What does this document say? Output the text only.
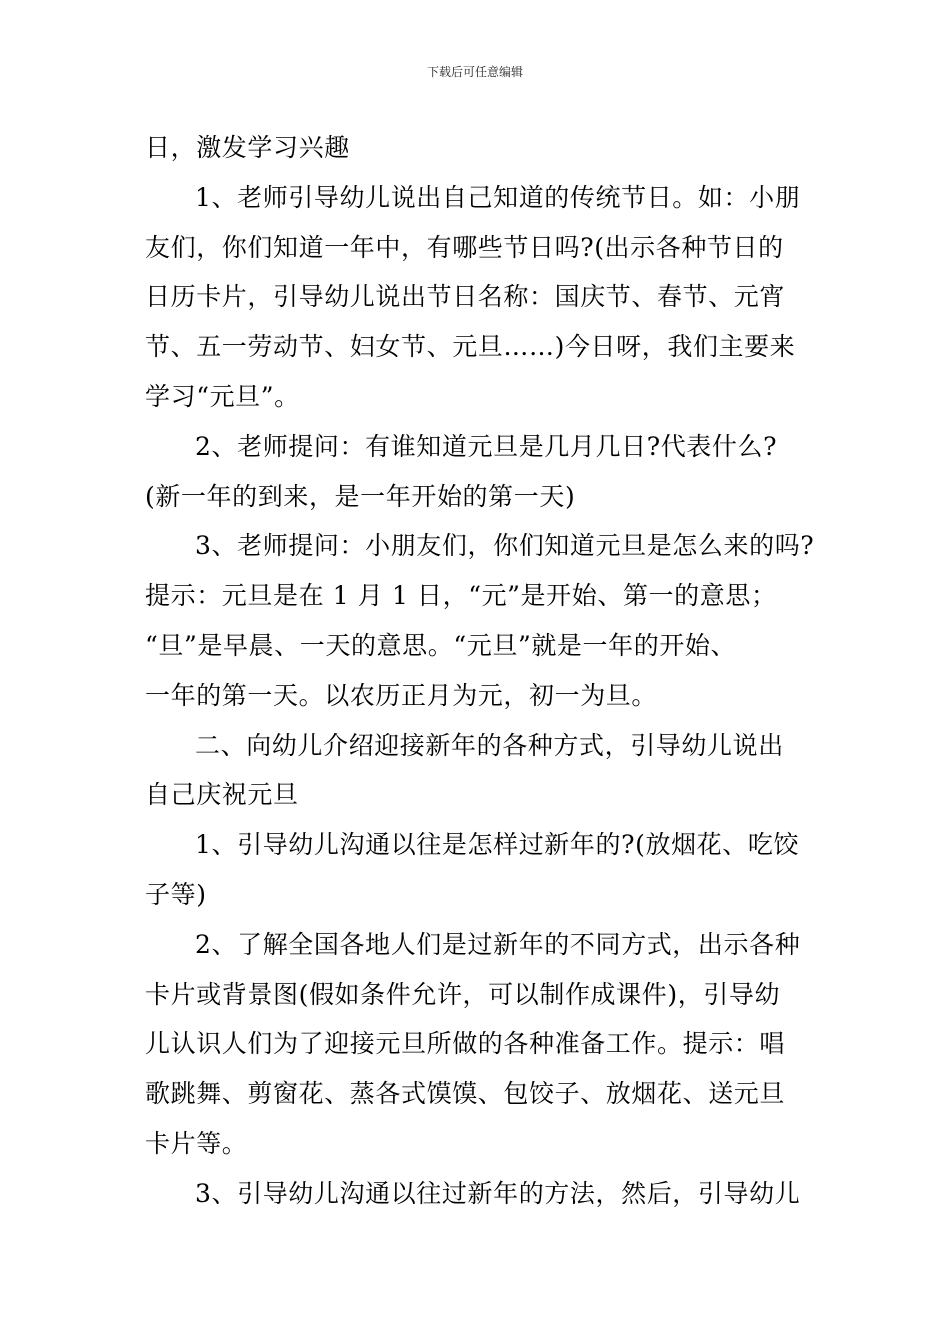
下载后可任意编辑
日，激发学习兴趣
1、老师引导幼儿说出自己知道的传统节日。如：小朋
友们，你们知道一年中，有哪些节日吗?(出示各种节日的
日历卡片，引导幼儿说出节日名称：国庆节、春节、元宵
节、五一劳动节、妇女节、元旦……)今日呀，我们主要来
学习“元旦”。
2、老师提问：有谁知道元旦是几月几日?代表什么?
(新一年的到来，是一年开始的第一天)
3、老师提问：小朋友们，你们知道元旦是怎么来的吗?
提示：元旦是在 1 月 1 日，“元”是开始、第一的意思；
“旦”是早晨、一天的意思。“元旦”就是一年的开始、
一年的第一天。以农历正月为元，初一为旦。
二、向幼儿介绍迎接新年的各种方式，引导幼儿说出
自己庆祝元旦
1、引导幼儿沟通以往是怎样过新年的?(放烟花、吃饺
子等)
2、了解全国各地人们是过新年的不同方式，出示各种
卡片或背景图(假如条件允许，可以制作成课件)，引导幼
儿认识人们为了迎接元旦所做的各种准备工作。提示：唱
歌跳舞、剪窗花、蒸各式馍馍、包饺子、放烟花、送元旦
卡片等。
3、引导幼儿沟通以往过新年的方法，然后，引导幼儿
